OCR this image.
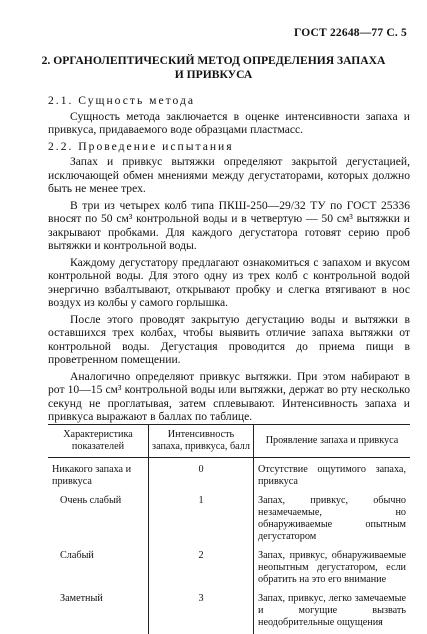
ГОСТ 22648—77 С. 5
2. ОРГАНОЛЕПТИЧЕСКИЙ МЕТОД ОПРЕДЕЛЕНИЯ ЗАПАХА
И ПРИВКУСА

2.1. Сущность метода

Сущность метода заключается в оценке интенсивности запаха и привкуса, придаваемого воде образцами пластмасс.

2.2. Проведение испытания

Запах и привкус вытяжки определяют закрытой дегустацией, исключающей обмен мнениями между дегустаторами, которых должно быть не менее трех.

В три из четырех колб типа ПКШ-250—29/32 ТУ по ГОСТ 25336 вносят по 50 см³ контрольной воды и в четвертую — 50 см³ вытяжки и закрывают пробками. Для каждого дегустатора готовят серию проб вытяжки и контрольной воды.

Каждому дегустатору предлагают ознакомиться с запахом и вкусом контрольной воды. Для этого одну из трех колб с контрольной водой энергично взбалтывают, открывают пробку и слегка втягивают в нос воздух из колбы у самого горлышка.

После этого проводят закрытую дегустацию воды и вытяжки в оставшихся трех колбах, чтобы выявить отличие запаха вытяжки от контрольной воды. Дегустация проводится до приема пищи в проветренном помещении.

Аналогично определяют привкус вытяжки. При этом набирают в рот 10—15 см³ контрольной воды или вытяжки, держат во рту несколько секунд не проглатывая, затем сплевывают. Интенсивность запаха и привкуса выражают в баллах по таблице.

Характеристика показателей	Интенсивность запаха, привкуса, балл	Проявление запаха и привкуса
Никакого запаха и привкуса	0	Отсутствие ощутимого запаха, привкуса

Очень слабый	1	Запах, привкус, обычно незамечаемые, но обнаруживаемые опытным дегустатором

Слабый	2	Запах, привкус, обнаруживаемые неопытным дегустатором, если обратить на это его внимание

Заметный	3	Запах, привкус, легко замечаемые и могущие вызвать неодобрительные ощущения
